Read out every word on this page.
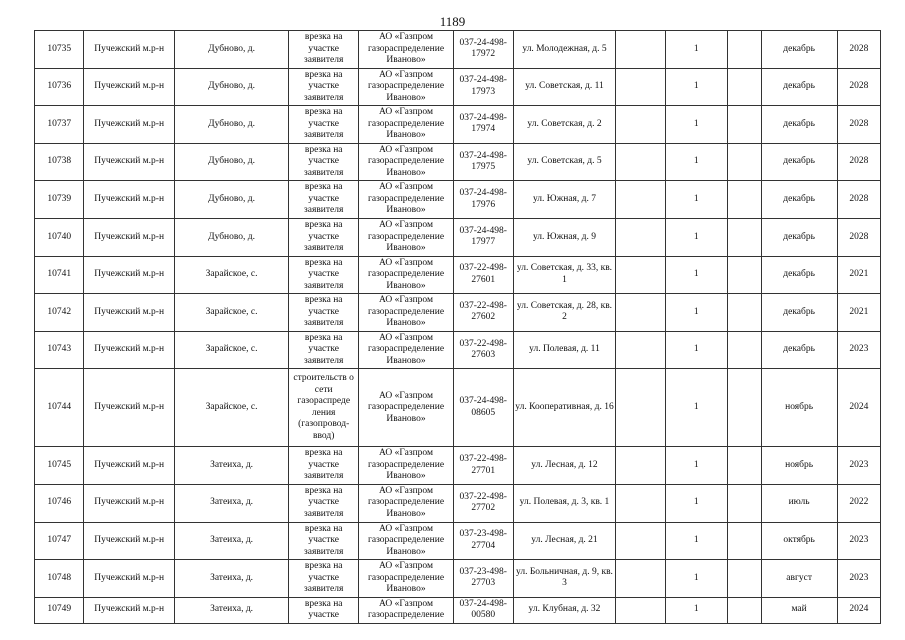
1189
10735	Пучежский м.р-н	Дубново, д.	врезка на участке заявителя	АО «Газпром газораспределение Иваново»	037-24-498-17972	ул. Молодежная, д. 5		1		декабрь	2028
10736	Пучежский м.р-н	Дубново, д.	врезка на участке заявителя	АО «Газпром газораспределение Иваново»	037-24-498-17973	ул. Советская, д. 11		1		декабрь	2028
10737	Пучежский м.р-н	Дубново, д.	врезка на участке заявителя	АО «Газпром газораспределение Иваново»	037-24-498-17974	ул. Советская, д. 2		1		декабрь	2028
10738	Пучежский м.р-н	Дубново, д.	врезка на участке заявителя	АО «Газпром газораспределение Иваново»	037-24-498-17975	ул. Советская, д. 5		1		декабрь	2028
10739	Пучежский м.р-н	Дубново, д.	врезка на участке заявителя	АО «Газпром газораспределение Иваново»	037-24-498-17976	ул. Южная, д. 7		1		декабрь	2028
10740	Пучежский м.р-н	Дубново, д.	врезка на участке заявителя	АО «Газпром газораспределение Иваново»	037-24-498-17977	ул. Южная, д. 9		1		декабрь	2028
10741	Пучежский м.р-н	Зарайское, с.	врезка на участке заявителя	АО «Газпром газораспределение Иваново»	037-22-498-27601	ул. Советская, д. 33, кв. 1		1		декабрь	2021
10742	Пучежский м.р-н	Зарайское, с.	врезка на участке заявителя	АО «Газпром газораспределение Иваново»	037-22-498-27602	ул. Советская, д. 28, кв. 2		1		декабрь	2021
10743	Пучежский м.р-н	Зарайское, с.	врезка на участке заявителя	АО «Газпром газораспределение Иваново»	037-22-498-27603	ул. Полевая, д. 11		1		декабрь	2023
10744	Пучежский м.р-н	Зарайское, с.	строительств о сети газораспреде ления (газопровод-ввод)	АО «Газпром газораспределение Иваново»	037-24-498-08605	ул. Кооперативная, д. 16		1		ноябрь	2024
10745	Пучежский м.р-н	Затеиха, д.	врезка на участке заявителя	АО «Газпром газораспределение Иваново»	037-22-498-27701	ул. Лесная, д. 12		1		ноябрь	2023
10746	Пучежский м.р-н	Затеиха, д.	врезка на участке заявителя	АО «Газпром газораспределение Иваново»	037-22-498-27702	ул. Полевая, д. 3, кв. 1		1		июль	2022
10747	Пучежский м.р-н	Затеиха, д.	врезка на участке заявителя	АО «Газпром газораспределение Иваново»	037-23-498-27704	ул. Лесная, д. 21		1		октябрь	2023
10748	Пучежский м.р-н	Затеиха, д.	врезка на участке заявителя	АО «Газпром газораспределение Иваново»	037-23-498-27703	ул. Больничная, д. 9, кв. 3		1		август	2023
10749	Пучежский м.р-н	Затеиха, д.	врезка на участке	АО «Газпром газораспределение	037-24-498-00580	ул. Клубная, д. 32		1		май	2024
